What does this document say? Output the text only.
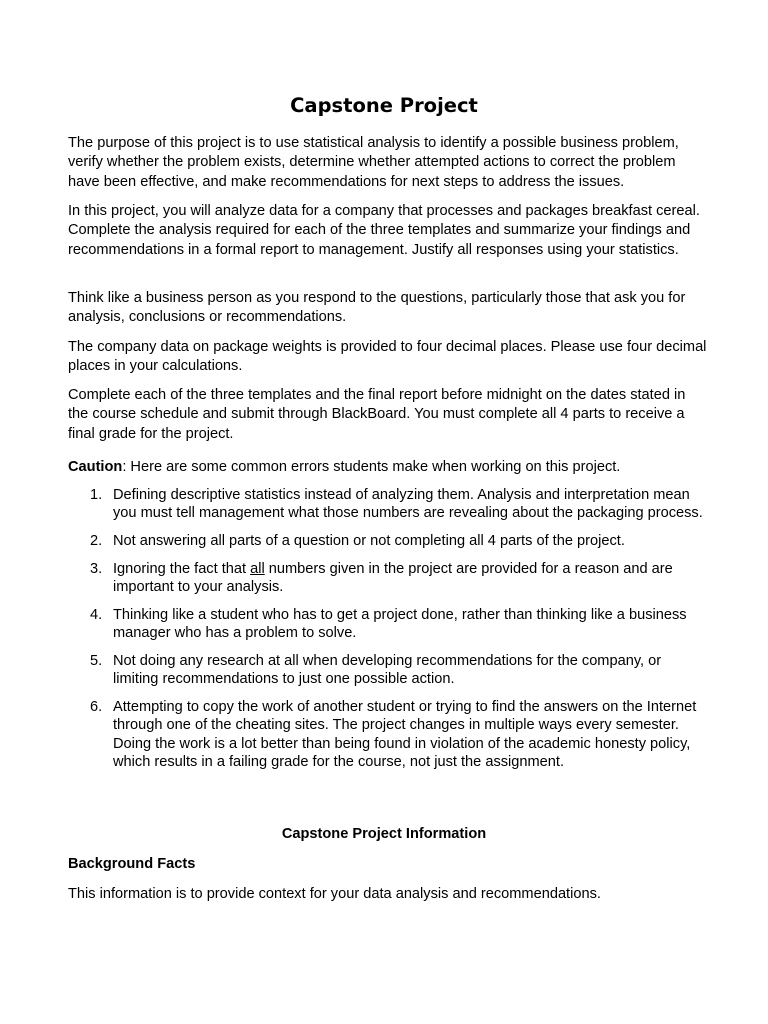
Capstone Project

The purpose of this project is to use statistical analysis to identify a possible business problem, verify whether the problem exists, determine whether attempted actions to correct the problem have been effective, and make recommendations for next steps to address the issues.

In this project, you will analyze data for a company that processes and packages breakfast cereal. Complete the analysis required for each of the three templates and summarize your findings and recommendations in a formal report to management. Justify all responses using your statistics.

Think like a business person as you respond to the questions, particularly those that ask you for analysis, conclusions or recommendations.

The company data on package weights is provided to four decimal places. Please use four decimal places in your calculations.

Complete each of the three templates and the final report before midnight on the dates stated in the course schedule and submit through BlackBoard. You must complete all 4 parts to receive a final grade for the project.

Caution: Here are some common errors students make when working on this project.

1. Defining descriptive statistics instead of analyzing them. Analysis and interpretation mean you must tell management what those numbers are revealing about the packaging process.
2. Not answering all parts of a question or not completing all 4 parts of the project.
3. Ignoring the fact that all numbers given in the project are provided for a reason and are important to your analysis.
4. Thinking like a student who has to get a project done, rather than thinking like a business manager who has a problem to solve.
5. Not doing any research at all when developing recommendations for the company, or limiting recommendations to just one possible action.
6. Attempting to copy the work of another student or trying to find the answers on the Internet through one of the cheating sites. The project changes in multiple ways every semester. Doing the work is a lot better than being found in violation of the academic honesty policy, which results in a failing grade for the course, not just the assignment.

Capstone Project Information

Background Facts

This information is to provide context for your data analysis and recommendations.
